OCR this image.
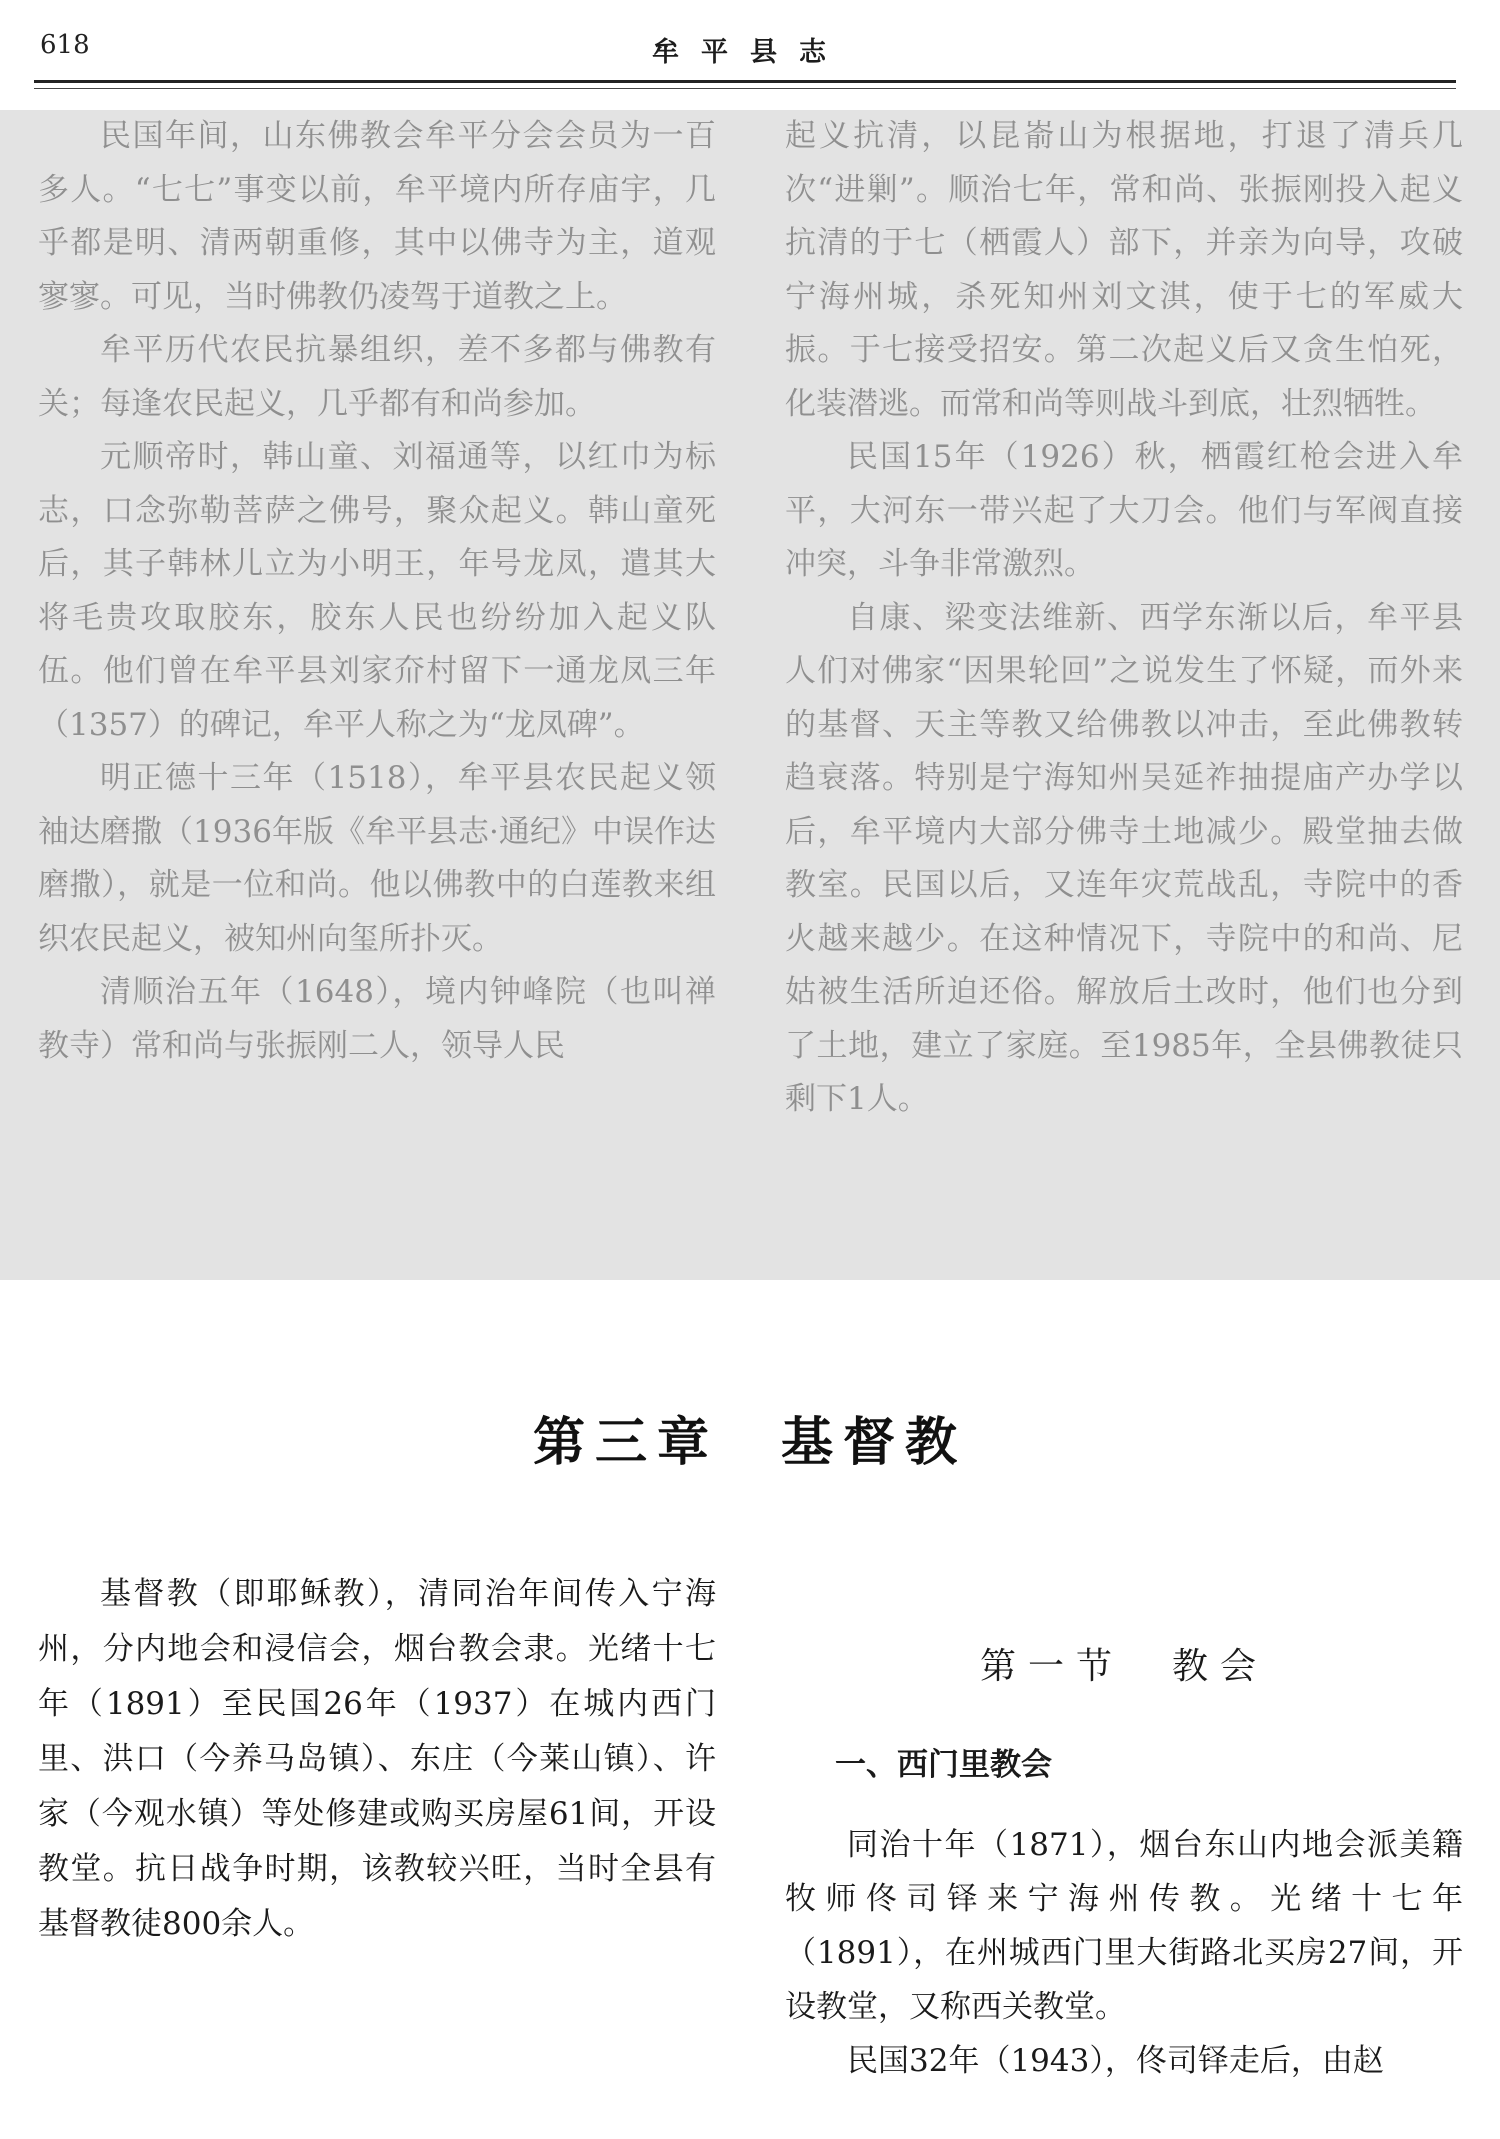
618	牟平县志

民国年间，山东佛教会牟平分会会员为一百多人。“七七”事变以前，牟平境内所存庙宇，几乎都是明、清两朝重修，其中以佛寺为主，道观寥寥。可见，当时佛教仍凌驾于道教之上。

牟平历代农民抗暴组织，差不多都与佛教有关；每逢农民起义，几乎都有和尚参加。

元顺帝时，韩山童、刘福通等，以红巾为标志，口念弥勒菩萨之佛号，聚众起义。韩山童死后，其子韩林儿立为小明王，年号龙凤，遣其大将毛贵攻取胶东，胶东人民也纷纷加入起义队伍。他们曾在牟平县刘家夼村留下一通龙凤三年（1357）的碑记，牟平人称之为“龙凤碑”。

明正德十三年（1518），牟平县农民起义领袖达磨撒（1936年版《牟平县志·通纪》中误作达磨撒），就是一位和尚。他以佛教中的白莲教来组织农民起义，被知州向玺所扑灭。

清顺治五年（1648），境内钟峰院（也叫禅教寺）常和尚与张振刚二人，领导人民

起义抗清，以昆嵛山为根据地，打退了清兵几次“进剿”。顺治七年，常和尚、张振刚投入起义抗清的于七（栖霞人）部下，并亲为向导，攻破宁海州城，杀死知州刘文淇，使于七的军威大振。于七接受招安。第二次起义后又贪生怕死，化装潜逃。而常和尚等则战斗到底，壮烈牺牲。

民国15年（1926）秋，栖霞红枪会进入牟平，大河东一带兴起了大刀会。他们与军阀直接冲突，斗争非常激烈。

自康、梁变法维新、西学东渐以后，牟平县人们对佛家“因果轮回”之说发生了怀疑，而外来的基督、天主等教又给佛教以冲击，至此佛教转趋衰落。特别是宁海知州吴延祚抽提庙产办学以后，牟平境内大部分佛寺土地减少。殿堂抽去做教室。民国以后，又连年灾荒战乱，寺院中的香火越来越少。在这种情况下，寺院中的和尚、尼姑被生活所迫还俗。解放后土改时，他们也分到了土地，建立了家庭。至1985年，全县佛教徒只剩下1人。

第三章　基督教

基督教（即耶稣教），清同治年间传入宁海州，分内地会和浸信会，烟台教会隶。光绪十七年（1891）至民国26年（1937）在城内西门里、洪口（今养马岛镇）、东庄（今莱山镇）、许家（今观水镇）等处修建或购买房屋61间，开设教堂。抗日战争时期，该教较兴旺，当时全县有基督教徒800余人。

第一节　教会
一、西门里教会

同治十年（1871），烟台东山内地会派美籍牧师佟司铎来宁海州传教。光绪十七年（1891），在州城西门里大街路北买房27间，开设教堂，又称西关教堂。

民国32年（1943），佟司铎走后，由赵
